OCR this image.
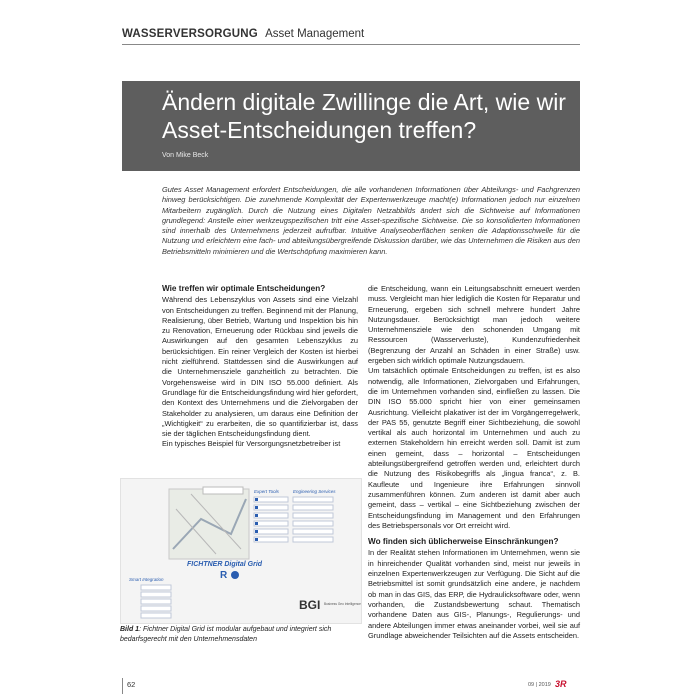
WASSERVERSORGUNG Asset Management
Ändern digitale Zwillinge die Art, wie wir Asset-Entscheidungen treffen?
Von Mike Beck
Gutes Asset Management erfordert Entscheidungen, die alle vorhandenen Informationen über Abteilungs- und Fachgrenzen hinweg berücksichtigen. Die zunehmende Komplexität der Expertenwerkzeuge macht(e) Informationen jedoch nur einzelnen Mitarbeitern zugänglich. Durch die Nutzung eines Digitalen Netzabbilds ändert sich die Sichtweise auf Informationen grundlegend: Anstelle einer werkzeugspezifischen tritt eine Asset-spezifische Sichtweise. Die so konsolidierten Informationen sind innerhalb des Unternehmens jederzeit aufrufbar. Intuitive Analyseoberflächen senken die Adaptionsschwelle für die Nutzung und erleichtern eine fach- und abteilungsübergreifende Diskussion darüber, wie das Unternehmen die Risiken aus den Betriebsmitteln minimieren und die Wertschöpfung maximieren kann.
Wie treffen wir optimale Entscheidungen?

Während des Lebenszyklus von Assets sind eine Vielzahl von Entscheidungen zu treffen. Beginnend mit der Planung, Realisierung, über Betrieb, Wartung und Inspektion bis hin zu Renovation, Erneuerung oder Rückbau sind jeweils die Auswirkungen auf den gesamten Lebenszyklus zu berücksichtigen. Ein reiner Vergleich der Kosten ist hierbei nicht zielführend. Stattdessen sind die Auswirkungen auf die Unternehmensziele ganzheitlich zu betrachten. Die Vorgehensweise wird in DIN ISO 55.000 definiert. Als Grundlage für die Entscheidungsfindung wird hier gefordert, den Kontext des Unternehmens und die Zielvorgaben der Stakeholder zu analysieren, um daraus eine Definition der „Wichtigkeit“ zu erarbeiten, die so quantifizierbar ist, dass sie der täglichen Entscheidungsfindung dient.

Ein typisches Beispiel für Versorgungsnetzbetreiber ist

die Entscheidung, wann ein Leitungsabschnitt erneuert werden muss. Vergleicht man hier lediglich die Kosten für Reparatur und Erneuerung, ergeben sich schnell mehrere hundert Jahre Nutzungsdauer. Berücksichtigt man jedoch weitere Unternehmensziele wie den schonenden Umgang mit Ressourcen (Wasserverluste), Kundenzufriedenheit (Begrenzung der Anzahl an Schäden in einer Straße) usw. ergeben sich wirklich optimale Nutzungsdauern.

Um tatsächlich optimale Entscheidungen zu treffen, ist es also notwendig, alle Informationen, Zielvorgaben und Erfahrungen, die im Unternehmen vorhanden sind, einfließen zu lassen. Die DIN ISO 55.000 spricht hier von einer gemeinsamen Ausrichtung. Vielleicht plakativer ist der im Vorgängerregelwerk, der PAS 55, genutzte Begriff einer Sichtbeziehung, die sowohl vertikal als auch horizontal im Unternehmen und auch zu externen Stakeholdern hin erreicht werden soll. Damit ist zum einen gemeint, dass – horizontal – Entscheidungen abteilungsübergreifend getroffen werden und, erleichtert durch die Nutzung des Risikobegriffs als „lingua franca“, z. B. Kaufleute und Ingenieure ihre Erfahrungen sinnvoll zusammenführen können. Zum anderen ist damit aber auch gemeint, dass – vertikal – eine Sichtbeziehung zwischen der Entscheidungsfindung im Management und den Erfahrungen des Betriebspersonals vor Ort erreicht wird.

Wo finden sich üblicherweise Einschränkungen?

In der Realität stehen Informationen im Unternehmen, wenn sie in hinreichender Qualität vorhanden sind, meist nur jeweils in einzelnen Expertenwerkzeugen zur Verfügung. Die Sicht auf die Betriebsmittel ist somit grundsätzlich eine andere, je nachdem ob man in das GIS, das ERP, die Hydraulicksoftware oder, wenn vorhanden, die Zustandsbewertung schaut. Thematisch vorhandene Daten aus GIS-, Planungs-, Regulierungs- und andere Abteilungen immer etwas aneinander vorbei, weil sie auf Grundlage abweichender Teilsichten auf die Assets entscheiden.

Expert Tools	Engineering Services
FICHTNER Digital Grid
R
Smart Integration
BGI Business Geo Intelligence
Bild 1: Fichtner Digital Grid ist modular aufgebaut und integriert sich bedarfsgerecht mit den Unternehmensdaten
62	09 | 2019 3R
